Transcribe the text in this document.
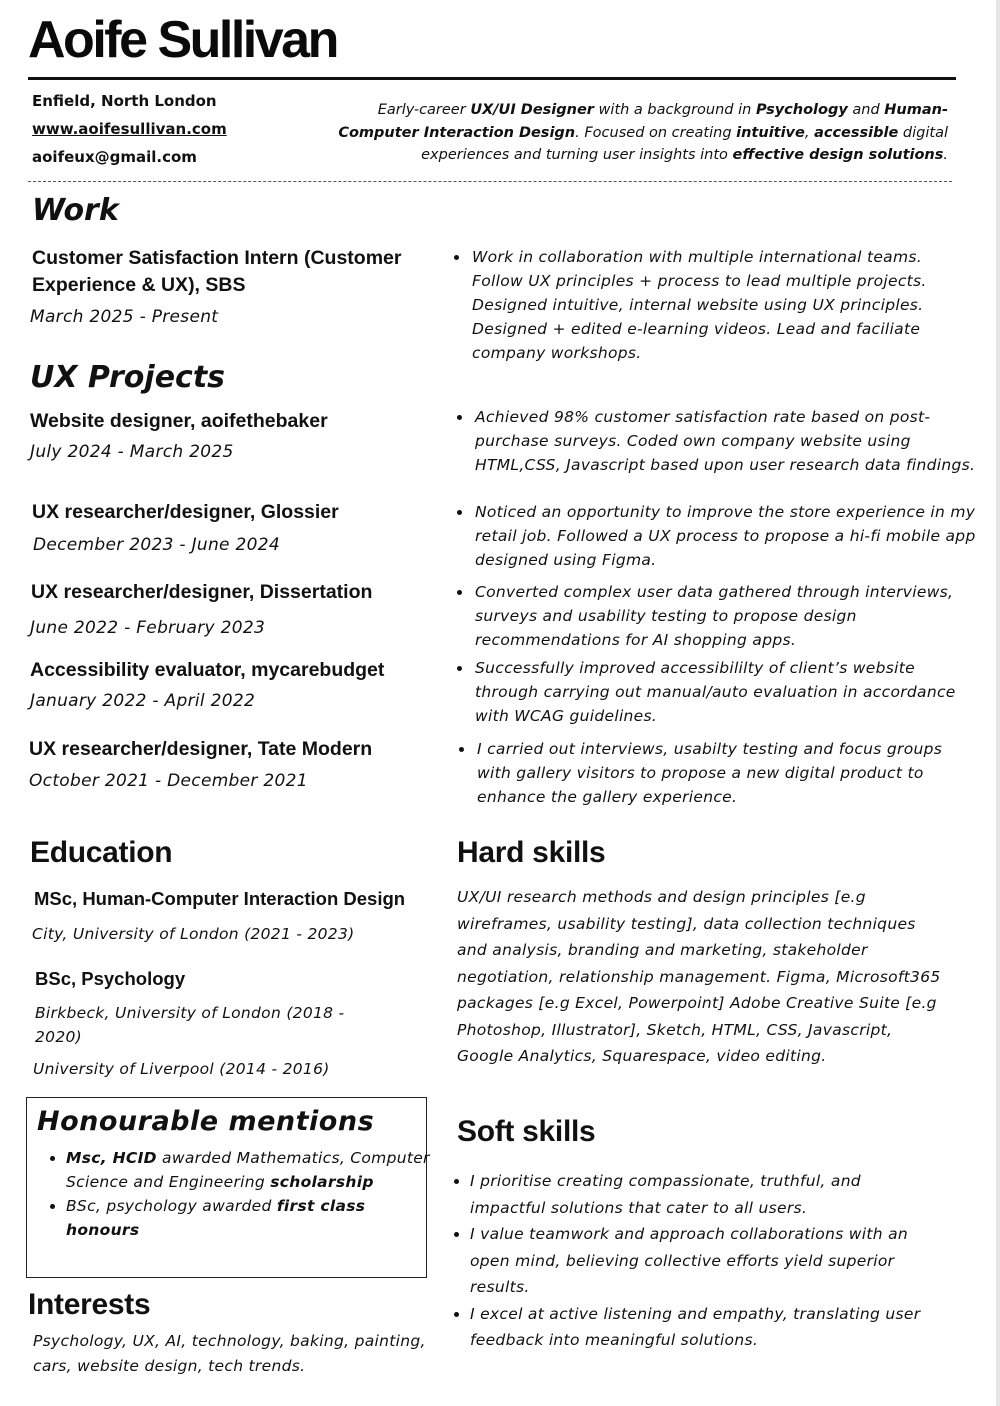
Aoife Sullivan
Enfield, North London
www.aoifesullivan.com
aoifeux@gmail.com
Early-career UX/UI Designer with a background in Psychology and Human-Computer Interaction Design. Focused on creating intuitive, accessible digital experiences and turning user insights into effective design solutions.
Work
Customer Satisfaction Intern (Customer Experience & UX), SBS
March 2025 - Present
• Work in collaboration with multiple international teams. Follow UX principles + process to lead multiple projects. Designed intuitive, internal website using UX principles. Designed + edited e-learning videos. Lead and faciliate company workshops.
UX Projects
Website designer, aoifethebaker
July 2024 - March 2025
• Achieved 98% customer satisfaction rate based on post-purchase surveys. Coded own company website using HTML,CSS, Javascript based upon user research data findings.
UX researcher/designer, Glossier
December 2023 - June 2024
• Noticed an opportunity to improve the store experience in my retail job. Followed a UX process to propose a hi-fi mobile app designed using Figma.
UX researcher/designer, Dissertation
June 2022 - February 2023
• Converted complex user data gathered through interviews, surveys and usability testing to propose design recommendations for AI shopping apps.
Accessibility evaluator, mycarebudget
January 2022 - April 2022
• Successfully improved accessibililty of client’s website through carrying out manual/auto evaluation in accordance with WCAG guidelines.
UX researcher/designer, Tate Modern
October 2021 - December 2021
• I carried out interviews, usabilty testing and focus groups with gallery visitors to propose a new digital product to enhance the gallery experience.
Education
MSc, Human-Computer Interaction Design
City, University of London (2021 - 2023)
BSc, Psychology
Birkbeck, University of London (2018 - 2020)
University of Liverpool (2014 - 2016)
Honourable mentions
• Msc, HCID awarded Mathematics, Computer Science and Engineering scholarship
• BSc, psychology awarded first class honours
Interests
Psychology, UX, AI, technology, baking, painting, cars, website design, tech trends.
Hard skills
UX/UI research methods and design principles [e.g wireframes, usability testing], data collection techniques and analysis, branding and marketing, stakeholder negotiation, relationship management. Figma, Microsoft365 packages [e.g Excel, Powerpoint] Adobe Creative Suite [e.g Photoshop, Illustrator], Sketch, HTML, CSS, Javascript, Google Analytics, Squarespace, video editing.
Soft skills
• I prioritise creating compassionate, truthful, and impactful solutions that cater to all users.
• I value teamwork and approach collaborations with an open mind, believing collective efforts yield superior results.
• I excel at active listening and empathy, translating user feedback into meaningful solutions.
